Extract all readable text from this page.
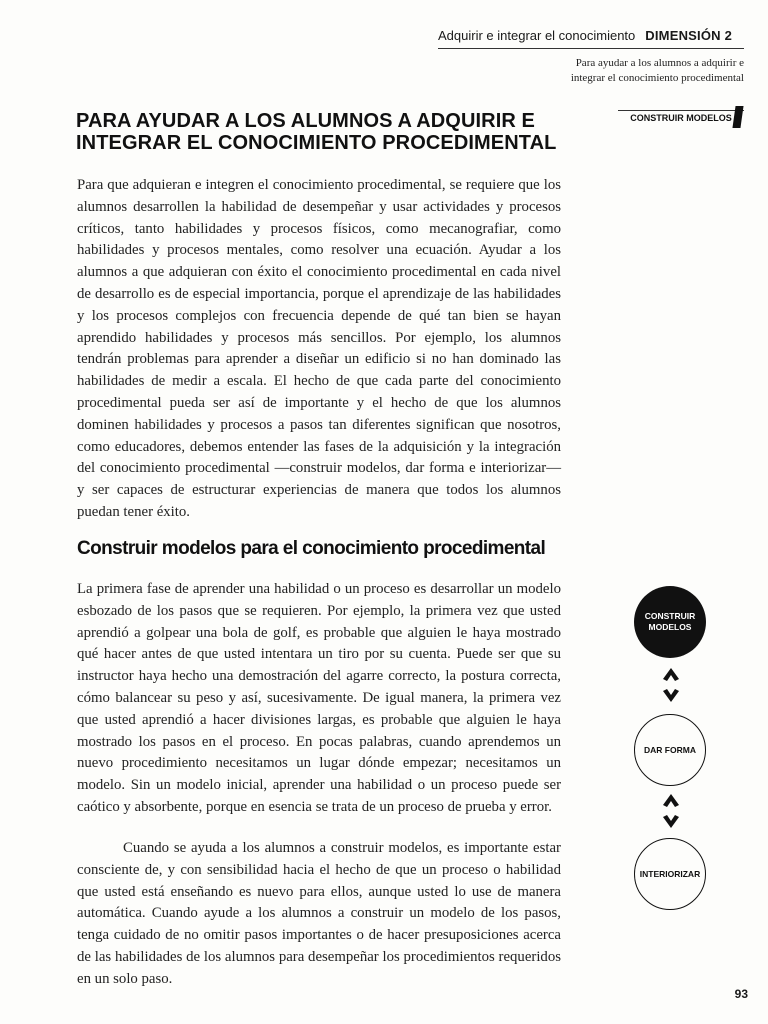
Adquirir e integrar el conocimiento DIMENSIÓN 2
Para ayudar a los alumnos a adquirir e integrar el conocimiento procedimental
CONSTRUIR MODELOS
PARA AYUDAR A LOS ALUMNOS A ADQUIRIR E INTEGRAR EL CONOCIMIENTO PROCEDIMENTAL

Para que adquieran e integren el conocimiento procedimental, se requiere que los alumnos desarrollen la habilidad de desempeñar y usar actividades y procesos críticos, tanto habilidades y procesos físicos, como mecanografiar, como habilidades y procesos mentales, como resolver una ecuación. Ayudar a los alumnos a que adquieran con éxito el conocimiento procedimental en cada nivel de desarrollo es de especial importancia, porque el aprendizaje de las habilidades y los procesos complejos con frecuencia depende de qué tan bien se hayan aprendido habilidades y procesos más sencillos. Por ejemplo, los alumnos tendrán problemas para aprender a diseñar un edificio si no han dominado las habilidades de medir a escala. El hecho de que cada parte del conocimiento procedimental pueda ser así de importante y el hecho de que los alumnos dominen habilidades y procesos a pasos tan diferentes significan que nosotros, como educadores, debemos entender las fases de la adquisición y la integración del conocimiento procedimental —construir modelos, dar forma e interiorizar— y ser capaces de estructurar experiencias de manera que todos los alumnos puedan tener éxito.

Construir modelos para el conocimiento procedimental

La primera fase de aprender una habilidad o un proceso es desarrollar un modelo esbozado de los pasos que se requieren. Por ejemplo, la primera vez que usted aprendió a golpear una bola de golf, es probable que alguien le haya mostrado qué hacer antes de que usted intentara un tiro por su cuenta. Puede ser que su instructor haya hecho una demostración del agarre correcto, la postura correcta, cómo balancear su peso y así, sucesivamente. De igual manera, la primera vez que usted aprendió a hacer divisiones largas, es probable que alguien le haya mostrado los pasos en el proceso. En pocas palabras, cuando aprendemos un nuevo procedimiento necesitamos un lugar dónde empezar; necesitamos un modelo. Sin un modelo inicial, aprender una habilidad o un proceso puede ser caótico y absorbente, porque en esencia se trata de un proceso de prueba y error.

Cuando se ayuda a los alumnos a construir modelos, es importante estar consciente de, y con sensibilidad hacia el hecho de que un proceso o habilidad que usted está enseñando es nuevo para ellos, aunque usted lo use de manera automática. Cuando ayude a los alumnos a construir un modelo de los pasos, tenga cuidado de no omitir pasos importantes o de hacer presuposiciones acerca de las habilidades de los alumnos para desempeñar los procedimientos requeridos en un solo paso.

CONSTRUIR MODELOS
DAR FORMA
INTERIORIZAR
93
